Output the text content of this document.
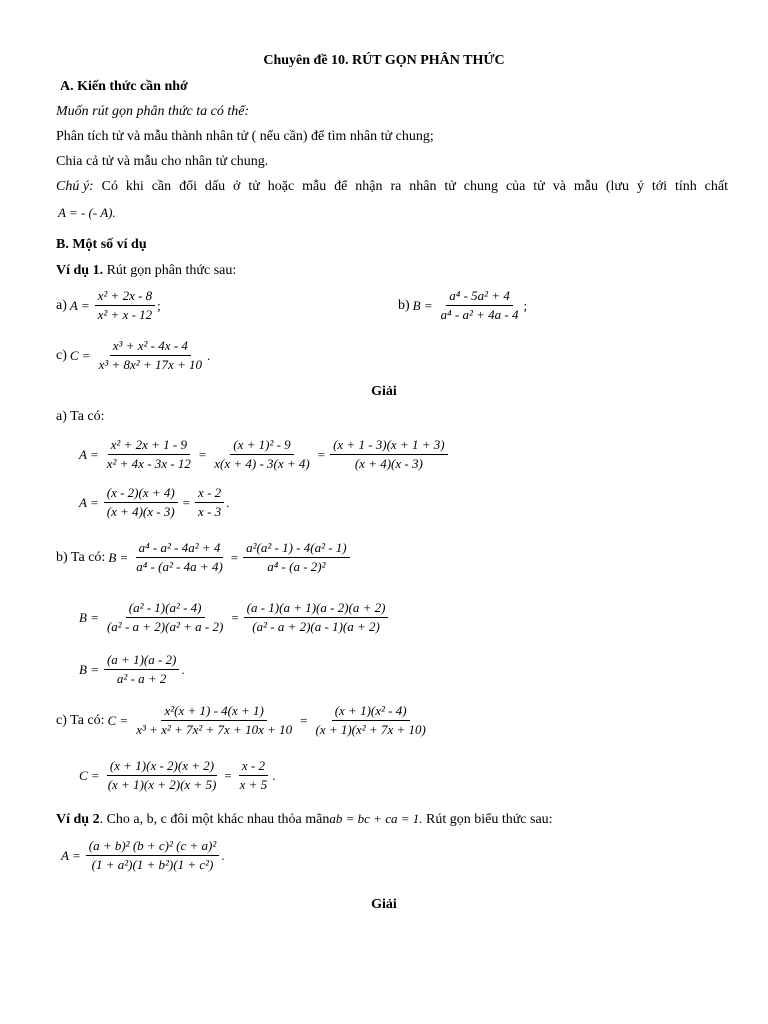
Chuyên đề 10. RÚT GỌN PHÂN THỨC
A. Kiến thức cần nhớ
Muốn rút gọn phân thức ta có thể:
Phân tích tử và mẫu thành nhân tử ( nếu cần) để tìm nhân tử chung;
Chia cả tử và mẫu cho nhân tử chung.
Chú ý: Có khi cần đổi dấu ở tử hoặc mẫu để nhận ra nhân tử chung của tử và mẫu (lưu ý tới tính chất
A = - (- A).
B. Một số ví dụ
Ví dụ 1. Rút gọn phân thức sau:
a) $A = \frac{\text{x² + 2x - 8}}{\text{x² + x - 12}}$ ;	b) $B = \frac{\text{a⁴ - 5a² + 4}}{\text{a⁴ - a² + 4a - 4}}$ ;
c) $C = \frac{\text{x³ + x² - 4x - 4}}{\text{x³ + 8x² + 17x + 10}}$ .
Giải
a) Ta có:
$A = \frac{\text{x² + 2x + 1 - 9}}{\text{x² + 4x - 3x - 12}} = \frac{\text{(x + 1)² - 9}}{x(x + 4) - 3(x + 4)} = \frac{(x + 1 - 3)(x + 1 + 3)}{(x + 4)(x - 3)}$
$A = \frac{(x - 2)(x + 4)}{(x + 4)(x - 3)} = \frac{x - 2}{x - 3}$ .
b) Ta có: $B = \frac{\text{a⁴ - a² - 4a² + 4}}{\text{a⁴ - (a² - 4a + 4)}} = \frac{\text{a²(a² - 1) - 4(a² - 1)}}{\text{a⁴ - (a - 2)²}}$
$B = \frac{\text{(a² - 1)(a² - 4)}}{\text{(a² - a + 2)(a² + a - 2)}} = \frac{(a - 1)(a + 1)(a - 2)(a + 2)}{\text{(a² - a + 2)(a - 1)(a + 2)}}$
$B = \frac{(a + 1)(a - 2)}{\text{a² - a + 2}}$ .
c) Ta có: $C = \frac{\text{x²(x + 1) - 4(x + 1)}}{\text{x³ + x² + 7x² + 7x + 10x + 10}} = \frac{\text{(x + 1)(x² - 4)}}{\text{(x + 1)(x² + 7x + 10)}}$
$C = \frac{(x + 1)(x - 2)(x + 2)}{(x + 1)(x + 2)(x + 5)} = \frac{x - 2}{x + 5}$ .
Ví dụ 2. Cho a, b, c đôi một khác nhau thỏa mãnab = bc + ca = 1. Rút gọn biểu thức sau:
$A = \frac{\text{(a + b)² (b + c)² (c + a)²}}{\text{(1 + a²)(1 + b²)(1 + c²)}}$ .
Giải
